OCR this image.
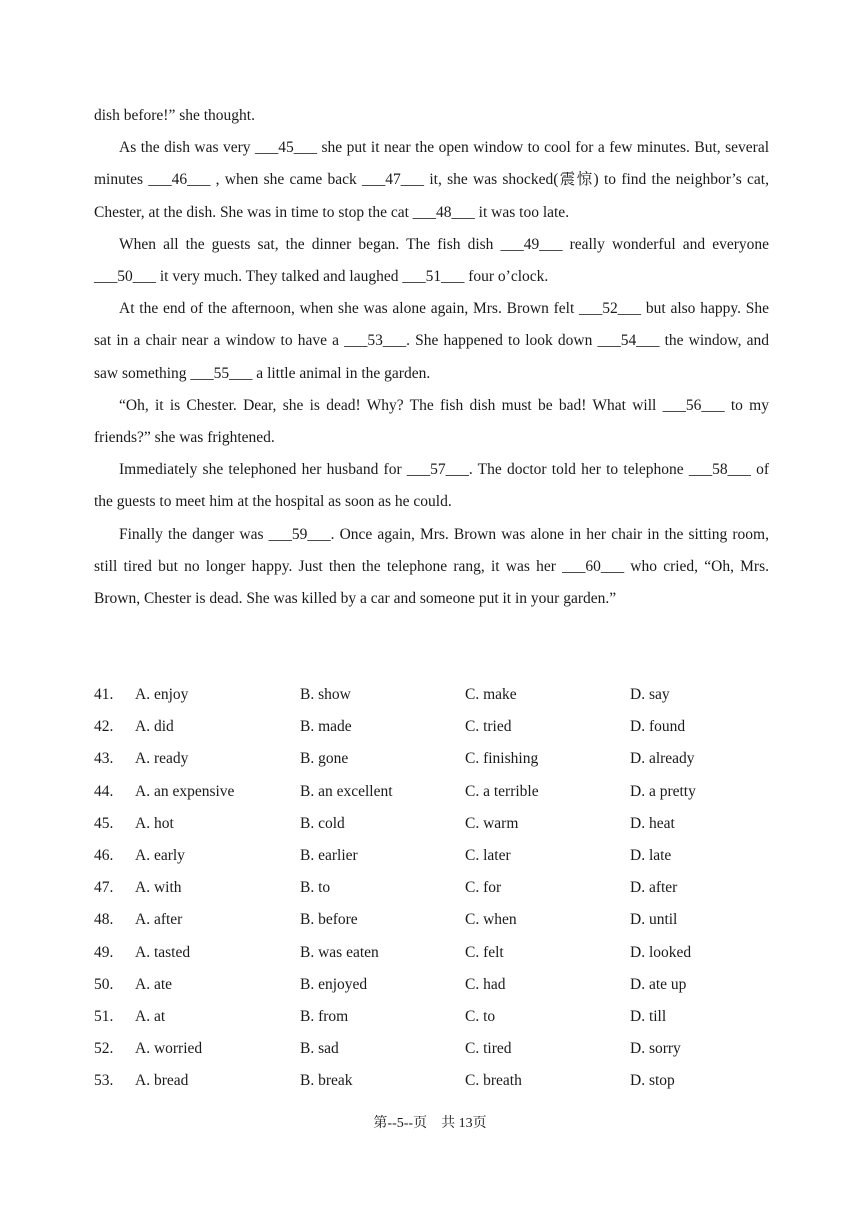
dish before!” she thought.

As the dish was very ___45___ she put it near the open window to cool for a few minutes. But, several minutes ___46___ , when she came back ___47___ it, she was shocked(震惊) to find the neighbor’s cat, Chester, at the dish. She was in time to stop the cat ___48___ it was too late.

When all the guests sat, the dinner began. The fish dish ___49___ really wonderful and everyone ___50___ it very much. They talked and laughed ___51___ four o’clock.

At the end of the afternoon, when she was alone again, Mrs. Brown felt ___52___ but also happy. She sat in a chair near a window to have a ___53___. She happened to look down ___54___ the window, and saw something ___55___ a little animal in the garden.

“Oh, it is Chester. Dear, she is dead! Why? The fish dish must be bad! What will ___56___ to my friends?” she was frightened.

Immediately she telephoned her husband for ___57___. The doctor told her to telephone ___58___ of the guests to meet him at the hospital as soon as he could.

Finally the danger was ___59___. Once again, Mrs. Brown was alone in her chair in the sitting room, still tired but no longer happy. Just then the telephone rang, it was her ___60___ who cried, “Oh, Mrs. Brown, Chester is dead. She was killed by a car and someone put it in your garden.”

41. A. enjoy	B. show	C. make	D. say
42. A. did	B. made	C. tried	D. found
43. A. ready	B. gone	C. finishing	D. already
44. A. an expensive	B. an excellent	C. a terrible	D. a pretty
45. A. hot	B. cold	C. warm	D. heat
46. A. early	B. earlier	C. later	D. late
47. A. with	B. to	C. for	D. after
48. A. after	B. before	C. when	D. until
49. A. tasted	B. was eaten	C. felt	D. looked
50. A. ate	B. enjoyed	C. had	D. ate up
51. A. at	B. from	C. to	D. till
52. A. worried	B. sad	C. tired	D. sorry
53. A. bread	B. break	C. breath	D. stop
第--5--页　共 13页
